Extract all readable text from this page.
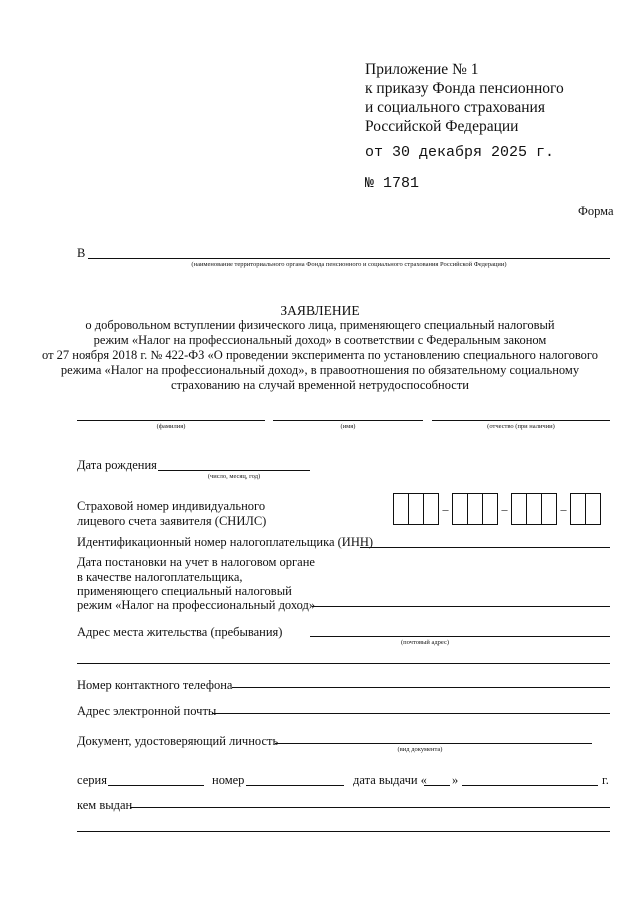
Приложение № 1
к приказу Фонда пенсионного
и социального страхования
Российской Федерации
от 30 декабря 2025 г.
№ 1781
Форма
В
(наименование территориального органа Фонда пенсионного и социального страхования Российской Федерации)
ЗАЯВЛЕНИЕ
о добровольном вступлении физического лица, применяющего специальный налоговый
режим «Налог на профессиональный доход» в соответствии с Федеральным законом
от 27 ноября 2018 г. № 422-ФЗ «О проведении эксперимента по установлению специального налогового
режима «Налог на профессиональный доход», в правоотношения по обязательному социальному
страхованию на случай временной нетрудоспособности
(фамилия)	(имя)	(отчество (при наличии)
Дата рождения
(число, месяц, год)
Страховой номер индивидуального
лицевого счета заявителя (СНИЛС)
–	–	–
Идентификационный номер налогоплательщика (ИНН)
Дата постановки на учет в налоговом органе
в качестве налогоплательщика,
применяющего специальный налоговый
режим «Налог на профессиональный доход»
Адрес места жительства (пребывания)
(почтовый адрес)
Номер контактного телефона
Адрес электронной почты
Документ, удостоверяющий личность
(вид документа)
серия	номер	дата выдачи « »	г.
кем выдан
